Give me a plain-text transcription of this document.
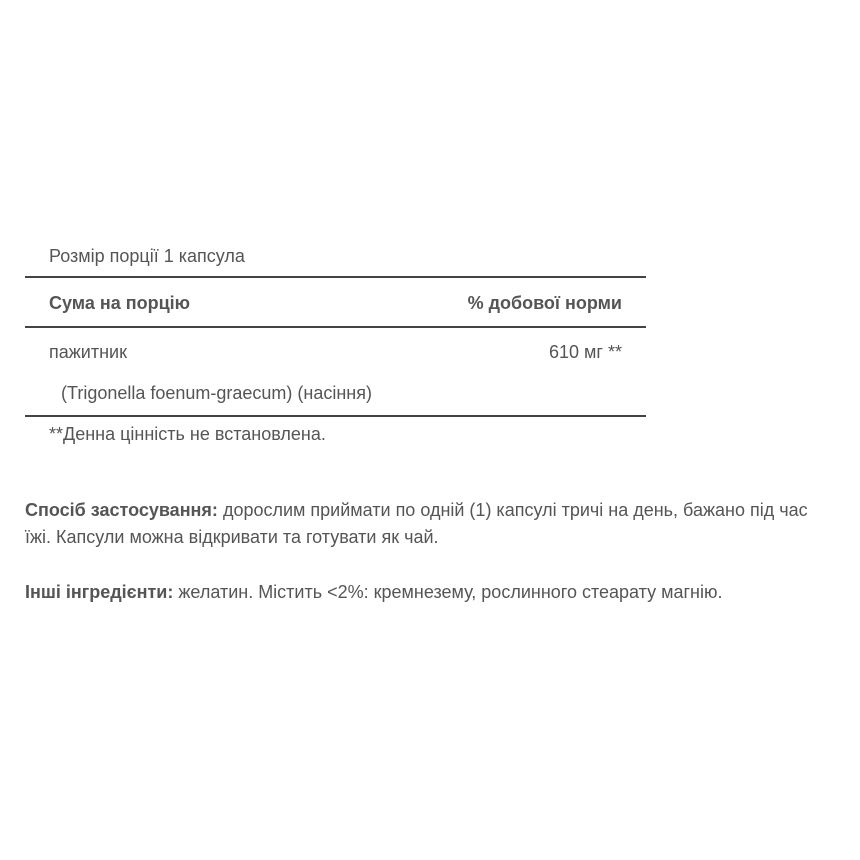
Розмір порції 1 капсула
Сума на порцію	% добової норми
пажитник	610 мг **
(Trigonella foenum-graecum) (насіння)
**Денна цінність не встановлена.
Спосіб застосування: дорослим приймати по одній (1) капсулі тричі на день, бажано під час їжі. Капсули можна відкривати та готувати як чай.
Інші інгредієнти: желатин. Містить <2%: кремнезему, рослинного стеарату магнію.
